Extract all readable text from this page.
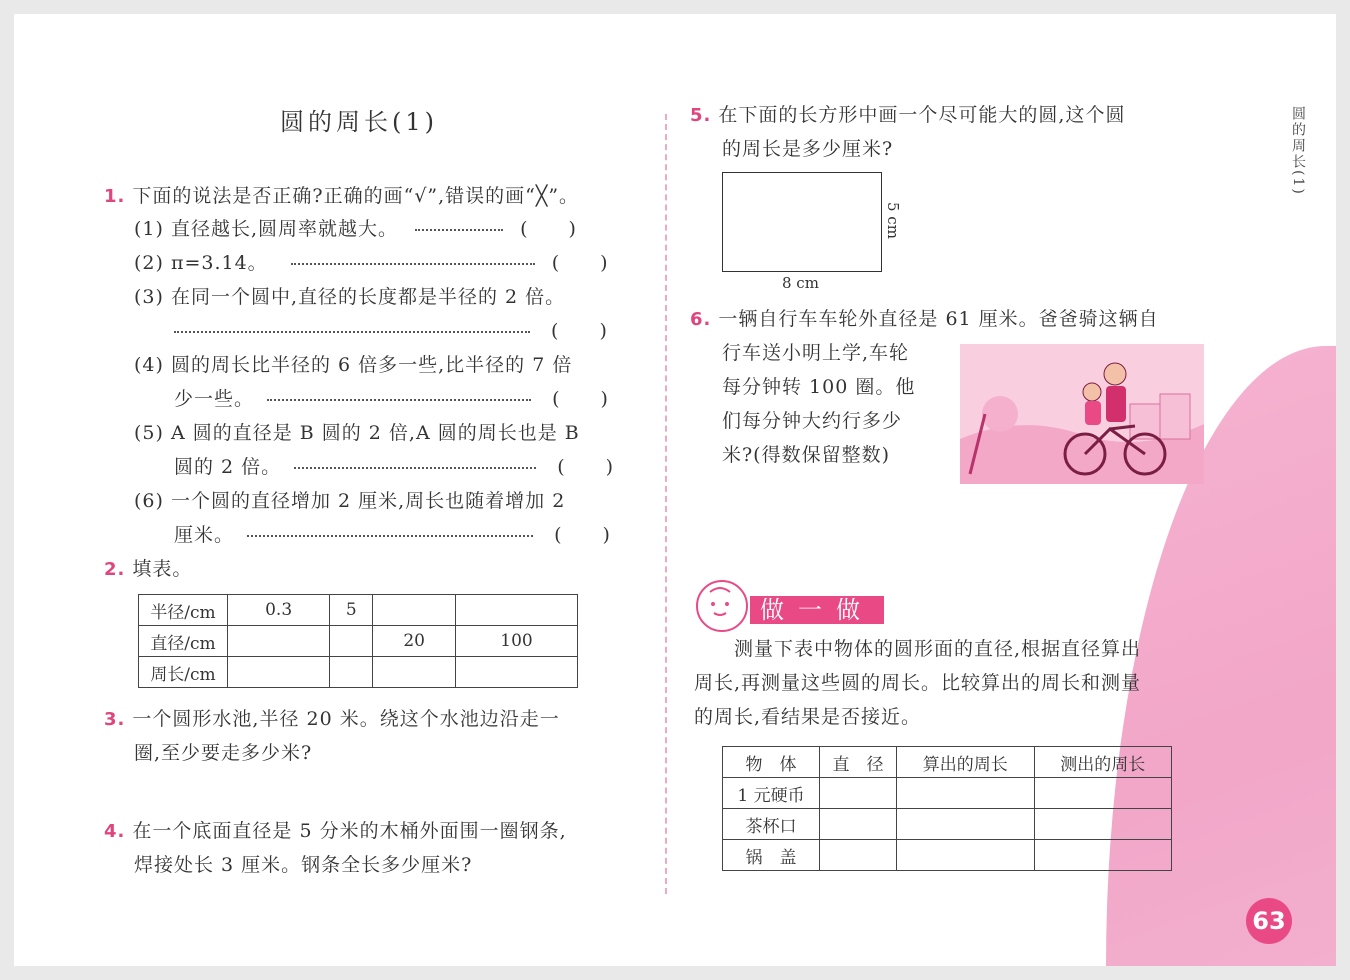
圆的周长(1)
1. 下面的说法是否正确?正确的画“√”,错误的画“╳”。
(1) 直径越长,圆周率就越大。	(　　)
(2) π=3.14。	(　　)
(3) 在同一个圆中,直径的长度都是半径的 2 倍。
(　　)
(4) 圆的周长比半径的 6 倍多一些,比半径的 7 倍
少一些。	(　　)
(5) A 圆的直径是 B 圆的 2 倍,A 圆的周长也是 B
圆的 2 倍。	(　　)
(6) 一个圆的直径增加 2 厘米,周长也随着增加 2
厘米。	(　　)
2. 填表。
半径/cm	0.3	5		
直径/cm			20	100
周长/cm				
3. 一个圆形水池,半径 20 米。绕这个水池边沿走一
圈,至少要走多少米?
4. 在一个底面直径是 5 分米的木桶外面围一圈钢条,
焊接处长 3 厘米。钢条全长多少厘米?
5. 在下面的长方形中画一个尽可能大的圆,这个圆
的周长是多少厘米?
8 cm
5 cm
6. 一辆自行车车轮外直径是 61 厘米。爸爸骑这辆自
行车送小明上学,车轮
每分钟转 100 圈。他
们每分钟大约行多少
米?(得数保留整数)
做一做
测量下表中物体的圆形面的直径,根据直径算出
周长,再测量这些圆的周长。比较算出的周长和测量
的周长,看结果是否接近。
物　体	直　径	算出的周长	测出的周长
1 元硬币			
茶杯口			
锅　盖			
圆的周长(1)
63
